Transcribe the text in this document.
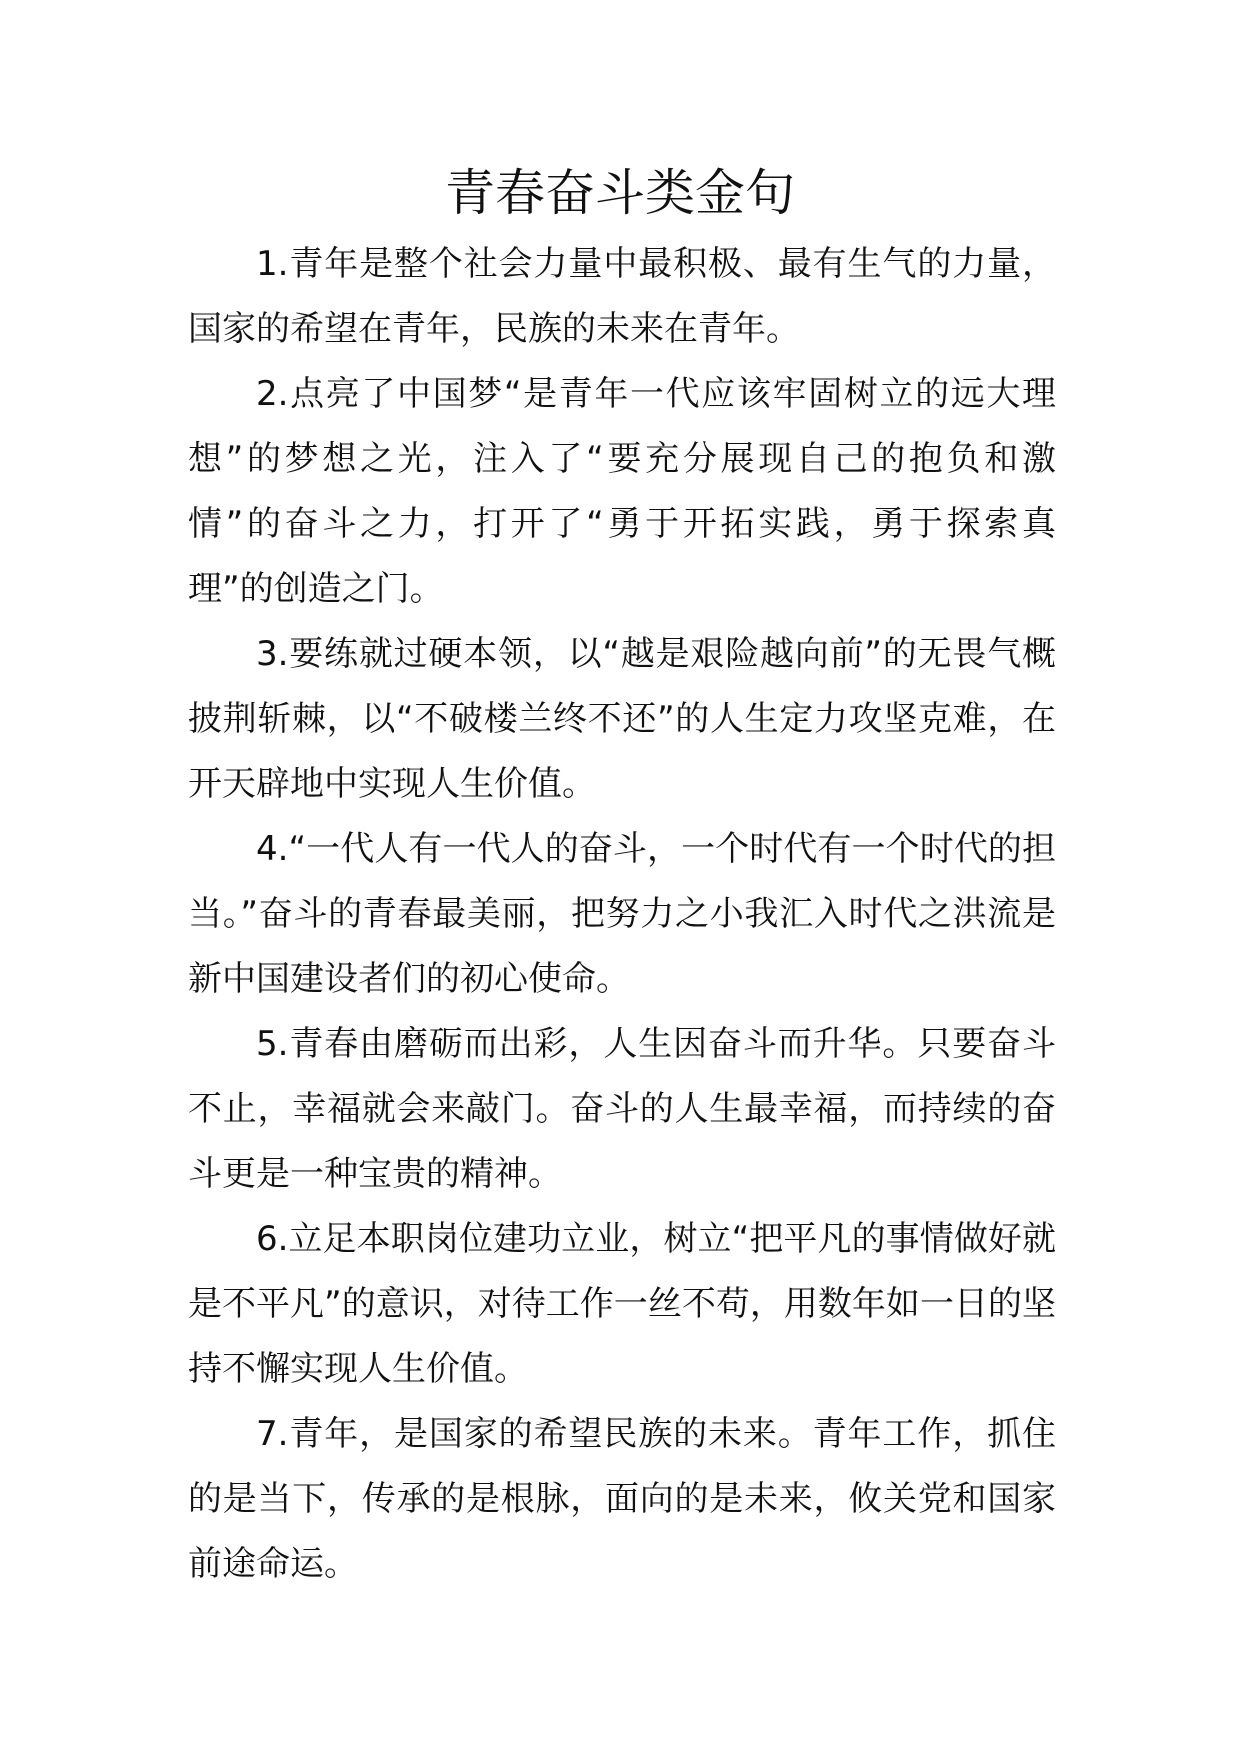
青春奋斗类金句

1.青年是整个社会力量中最积极、最有生气的力量，国家的希望在青年，民族的未来在青年。

2.点亮了中国梦“是青年一代应该牢固树立的远大理想”的梦想之光，注入了“要充分展现自己的抱负和激情”的奋斗之力，打开了“勇于开拓实践，勇于探索真理”的创造之门。

3.要练就过硬本领，以“越是艰险越向前”的无畏气概披荆斩棘，以“不破楼兰终不还”的人生定力攻坚克难，在开天辟地中实现人生价值。

4.“一代人有一代人的奋斗，一个时代有一个时代的担当。”奋斗的青春最美丽，把努力之小我汇入时代之洪流是新中国建设者们的初心使命。

5.青春由磨砺而出彩，人生因奋斗而升华。只要奋斗不止，幸福就会来敲门。奋斗的人生最幸福，而持续的奋斗更是一种宝贵的精神。

6.立足本职岗位建功立业，树立“把平凡的事情做好就是不平凡”的意识，对待工作一丝不苟，用数年如一日的坚持不懈实现人生价值。

7.青年，是国家的希望民族的未来。青年工作，抓住的是当下，传承的是根脉，面向的是未来，攸关党和国家前途命运。
